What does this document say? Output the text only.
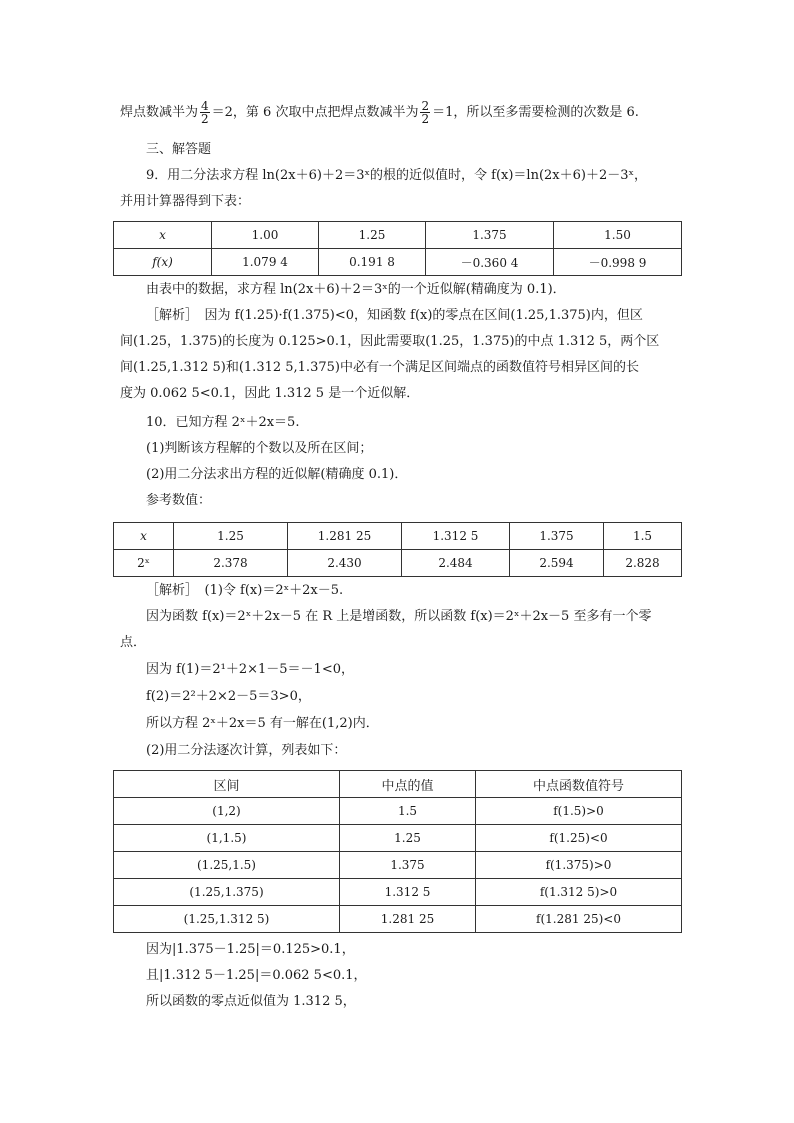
焊点数减半为 $\frac{4}{2} =2$，第 6 次取中点把焊点数减半为 $\frac{2}{2} =1$，所以至多需要检测的次数是 6.
三、解答题
9．用二分法求方程 ln(2x＋6)＋2＝3ˣ的根的近似值时，令 f(x)＝ln(2x＋6)＋2－3ˣ，
并用计算器得到下表：
x	1.00	1.25	1.375	1.50
f(x)	1.079 4	0.191 8	－0.360 4	－0.998 9
由表中的数据，求方程 ln(2x＋6)＋2＝3ˣ的一个近似解(精确度为 0.1)．
［解析］　因为 f(1.25)·f(1.375)<0，知函数 f(x)的零点在区间(1.25,1.375)内，但区
间(1.25，1.375)的长度为 0.125>0.1，因此需要取(1.25，1.375)的中点 1.312 5，两个区
间(1.25,1.312 5)和(1.312 5,1.375)中必有一个满足区间端点的函数值符号相异区间的长
度为 0.062 5<0.1，因此 1.312 5 是一个近似解．
10．已知方程 2ˣ＋2x＝5.
(1)判断该方程解的个数以及所在区间；
(2)用二分法求出方程的近似解(精确度 0.1)．
参考数值：
x	1.25	1.281 25	1.312 5	1.375	1.5
2ˣ	2.378	2.430	2.484	2.594	2.828
［解析］　(1)令 f(x)＝2ˣ＋2x－5.
因为函数 f(x)＝2ˣ＋2x－5 在 R 上是增函数，所以函数 f(x)＝2ˣ＋2x－5 至多有一个零
点．
因为 f(1)＝2¹＋2×1－5＝－1<0，
f(2)＝2²＋2×2－5＝3>0，
所以方程 2ˣ＋2x＝5 有一解在(1,2)内．
(2)用二分法逐次计算，列表如下：
区间	中点的值	中点函数值符号
(1,2)	1.5	f(1.5)>0
(1,1.5)	1.25	f(1.25)<0
(1.25,1.5)	1.375	f(1.375)>0
(1.25,1.375)	1.312 5	f(1.312 5)>0
(1.25,1.312 5)	1.281 25	f(1.281 25)<0
因为|1.375－1.25|＝0.125>0.1，
且|1.312 5－1.25|＝0.062 5<0.1，
所以函数的零点近似值为 1.312 5，
